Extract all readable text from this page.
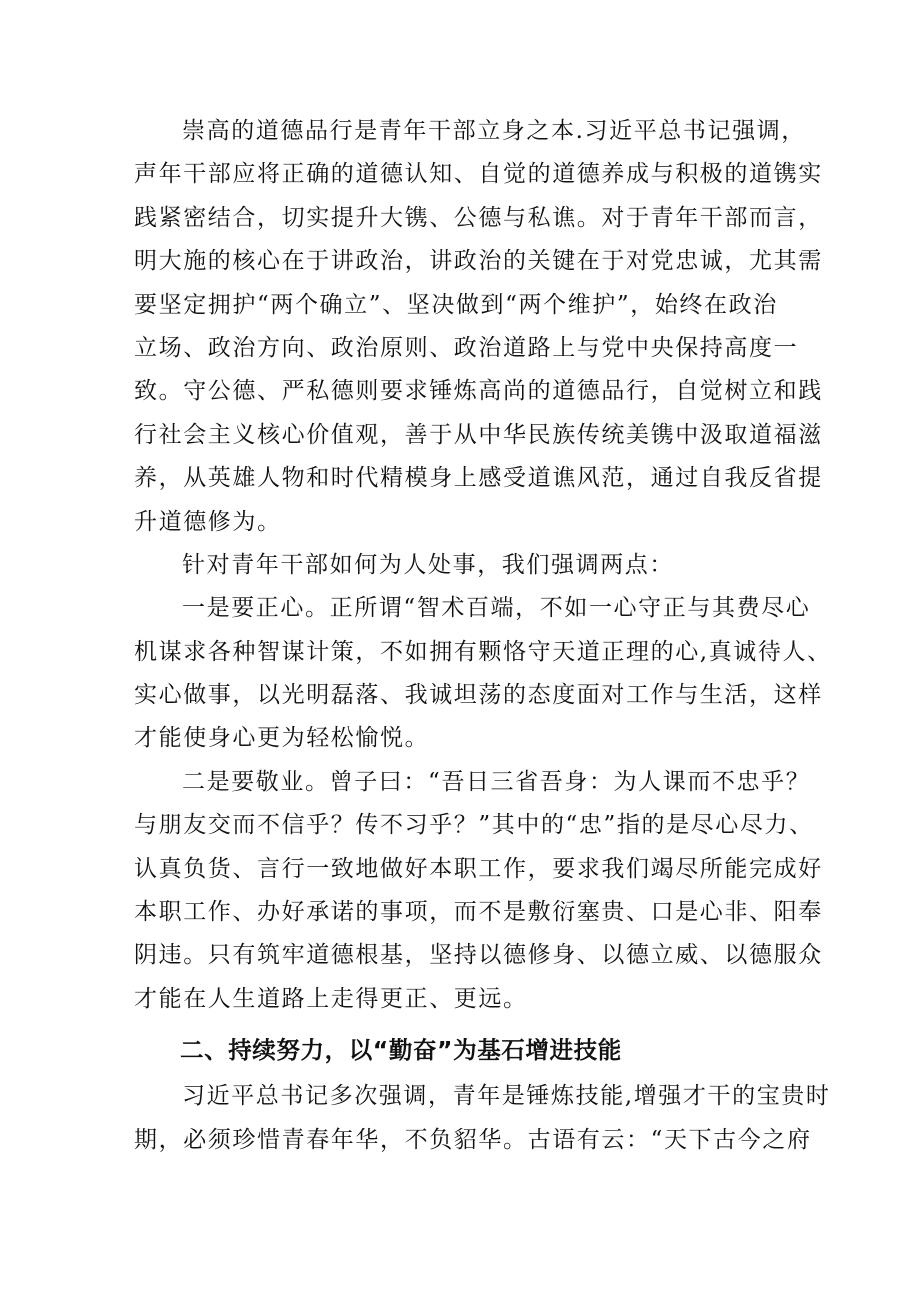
崇高的道德品行是青年干部立身之本.习近平总书记强调，
声年干部应将正确的道德认知、自觉的道德养成与积极的道镌实
践紧密结合，切实提升大镌、公德与私谯。对于青年干部而言，
明大施的核心在于讲政治，讲政治的关键在于对党忠诚，尤其需
要坚定拥护“两个确立”、坚决做到“两个维护”，始终在政治
立场、政治方向、政治原则、政治道路上与党中央保持高度一
致。守公德、严私德则要求锤炼高尚的道德品行，自觉树立和践
行社会主义核心价值观，善于从中华民族传统美镌中汲取道福滋
养，从英雄人物和时代精模身上感受道谯风范，通过自我反省提
升道德修为。
针对青年干部如何为人处事，我们强调两点：
一是要正心。正所谓“智术百端，不如一心守正与其费尽心
机谋求各种智谋计策，不如拥有颗恪守天道正理的心,真诚待人、
实心做事，以光明磊落、我诚坦荡的态度面对工作与生活，这样
才能使身心更为轻松愉悦。
二是要敬业。曾子曰：“吾日三省吾身：为人课而不忠乎？
与朋友交而不信乎？传不习乎？”其中的“忠”指的是尽心尽力、
认真负货、言行一致地做好本职工作，要求我们竭尽所能完成好
本职工作、办好承诺的事项，而不是敷衍塞贵、口是心非、阳奉
阴违。只有筑牢道德根基，坚持以德修身、以德立威、以德服众
才能在人生道路上走得更正、更远。
二、持续努力，以“勤奋”为基石增进技能
习近平总书记多次强调，青年是锤炼技能,增强才干的宝贵时
期，必须珍惜青春年华，不负貂华。古语有云：“天下古今之府
